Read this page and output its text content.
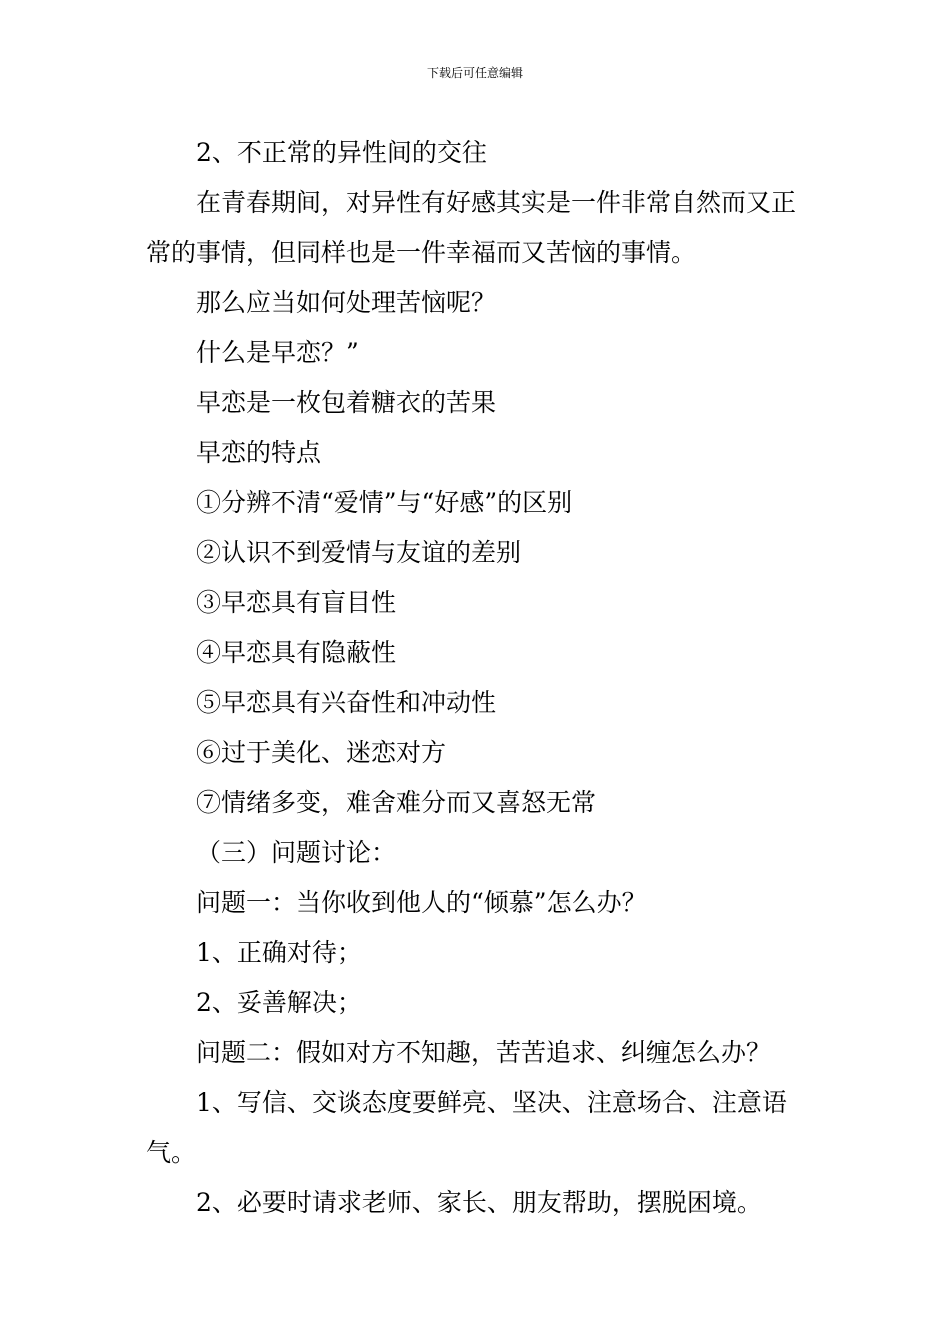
下载后可任意编辑

2、不正常的异性间的交往

在青春期间，对异性有好感其实是一件非常自然而又正常的事情，但同样也是一件幸福而又苦恼的事情。

那么应当如何处理苦恼呢？

什么是早恋？”

早恋是一枚包着糖衣的苦果

早恋的特点

①分辨不清“爱情”与“好感”的区别

②认识不到爱情与友谊的差别

③早恋具有盲目性

④早恋具有隐蔽性

⑤早恋具有兴奋性和冲动性

⑥过于美化、迷恋对方

⑦情绪多变，难舍难分而又喜怒无常

（三）问题讨论：

问题一：当你收到他人的“倾慕”怎么办？

1、正确对待；

2、妥善解决；

问题二：假如对方不知趣，苦苦追求、纠缠怎么办？

1、写信、交谈态度要鲜亮、坚决、注意场合、注意语气。

2、必要时请求老师、家长、朋友帮助，摆脱困境。
